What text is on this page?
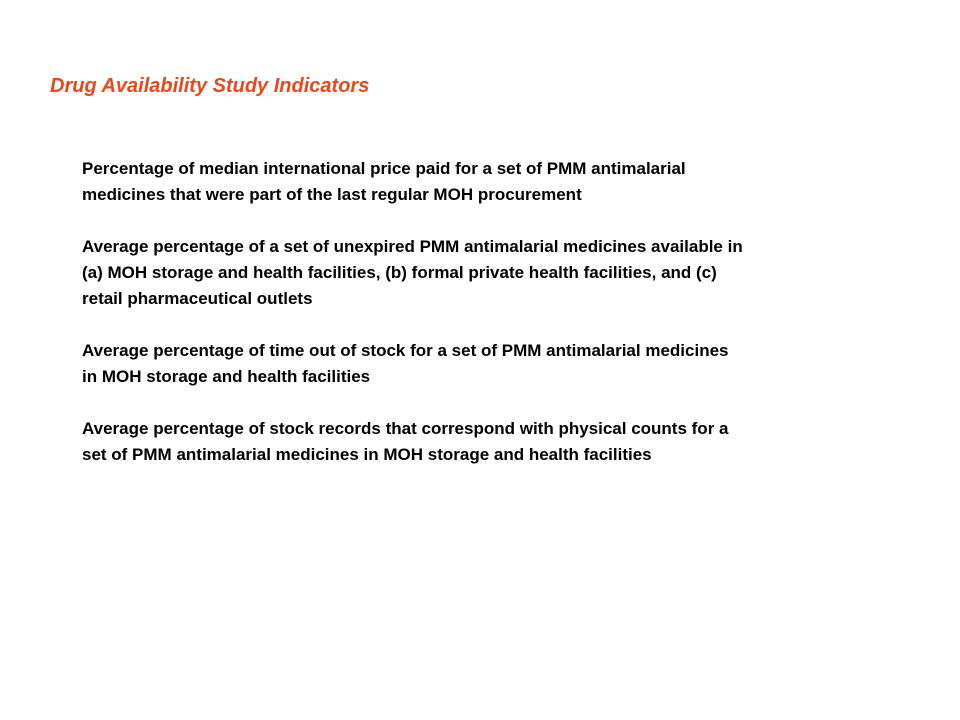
Drug Availability Study Indicators
Percentage of median international price paid for a set of PMM antimalarial
medicines that were part of the last regular MOH procurement
Average percentage of a set of unexpired PMM antimalarial medicines available in
(a) MOH storage and health facilities, (b) formal private health facilities, and (c)
retail pharmaceutical outlets
Average percentage of time out of stock for a set of PMM antimalarial medicines
in MOH storage and health facilities
Average percentage of stock records that correspond with physical counts for a
set of PMM antimalarial medicines in MOH storage and health facilities
